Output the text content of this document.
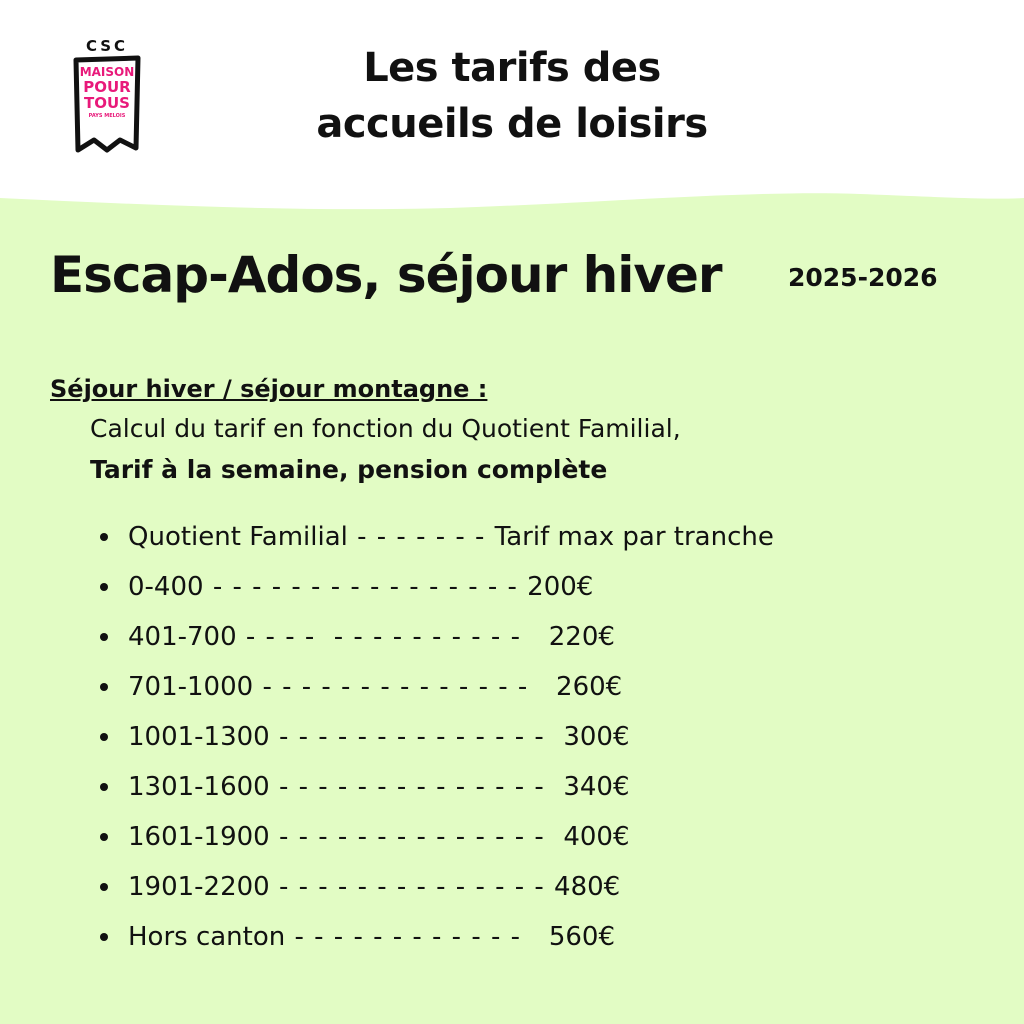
CSC
MAISON
POUR
TOUS
PAYS MELOIS
Les tarifs des
accueils de loisirs
Escap-Ados, séjour hiver	2025-2026
Séjour hiver / séjour montagne :
Calcul du tarif en fonction du Quotient Familial,
Tarif à la semaine, pension complète
Quotient Familial - - - - - - - Tarif max par tranche
0-400 - - - - - - - - - - - - - - - - 200€
401-700 - - - -  - - - - - - - - - - 220€
701-1000 - - - - - - - - - - - - - - 260€
1001-1300 - - - - - - - - - - - - - - 300€
1301-1600 - - - - - - - - - - - - - - 340€
1601-1900 - - - - - - - - - - - - - - 400€
1901-2200 - - - - - - - - - - - - - - 480€
Hors canton - - - - - - - - - - - - 560€
